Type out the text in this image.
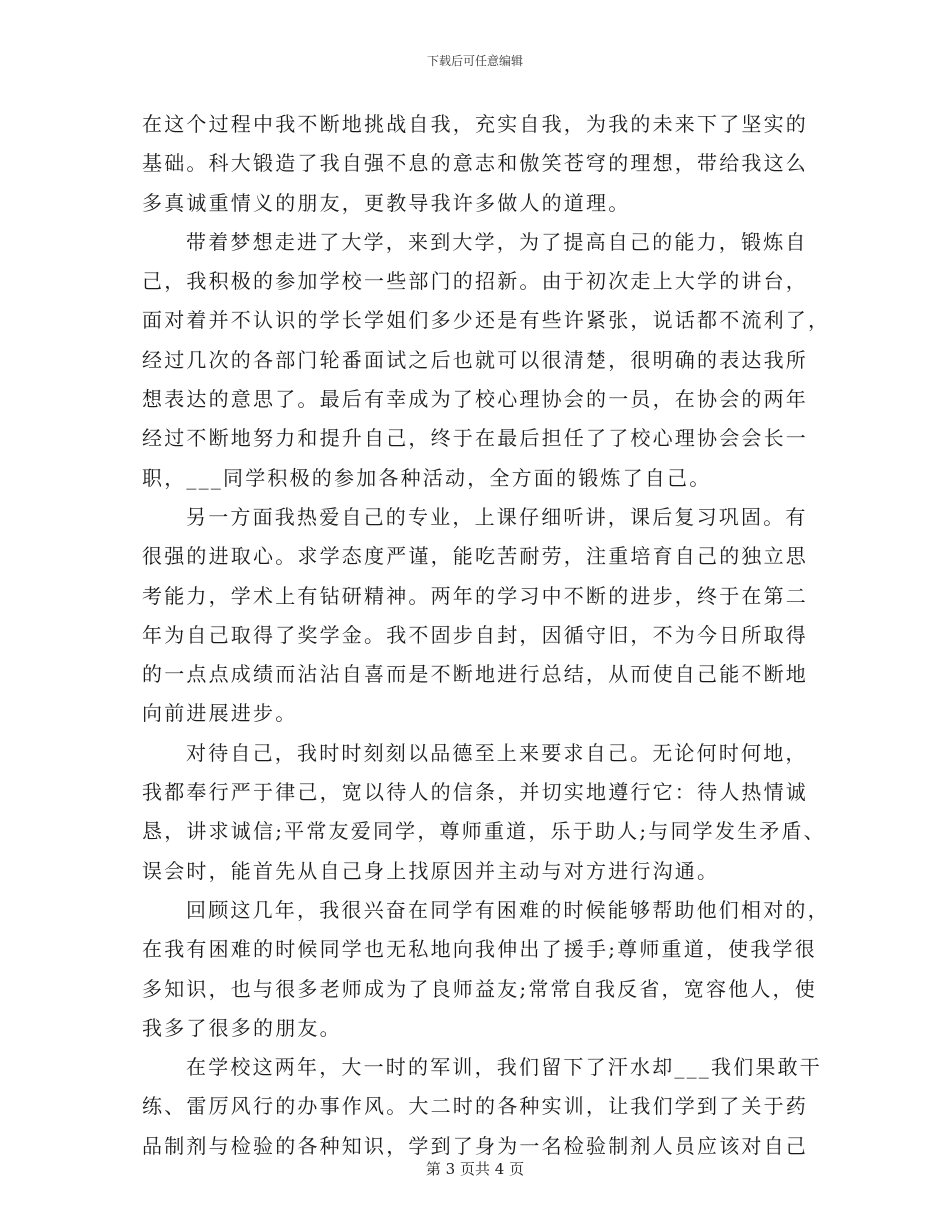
下载后可任意编辑
在这个过程中我不断地挑战自我，充实自我，为我的未来下了坚实的
基础。科大锻造了我自强不息的意志和傲笑苍穹的理想，带给我这么
多真诚重情义的朋友，更教导我许多做人的道理。
带着梦想走进了大学，来到大学，为了提高自己的能力，锻炼自
己，我积极的参加学校一些部门的招新。由于初次走上大学的讲台，
面对着并不认识的学长学姐们多少还是有些许紧张，说话都不流利了，
经过几次的各部门轮番面试之后也就可以很清楚，很明确的表达我所
想表达的意思了。最后有幸成为了校心理协会的一员，在协会的两年
经过不断地努力和提升自己，终于在最后担任了了校心理协会会长一
职，___同学积极的参加各种活动，全方面的锻炼了自己。
另一方面我热爱自己的专业，上课仔细听讲，课后复习巩固。有
很强的进取心。求学态度严谨，能吃苦耐劳，注重培育自己的独立思
考能力，学术上有钻研精神。两年的学习中不断的进步，终于在第二
年为自己取得了奖学金。我不固步自封，因循守旧，不为今日所取得
的一点点成绩而沾沾自喜而是不断地进行总结，从而使自己能不断地
向前进展进步。
对待自己，我时时刻刻以品德至上来要求自己。无论何时何地，
我都奉行严于律己，宽以待人的信条，并切实地遵行它：待人热情诚
恳，讲求诚信;平常友爱同学，尊师重道，乐于助人;与同学发生矛盾、
误会时，能首先从自己身上找原因并主动与对方进行沟通。
回顾这几年，我很兴奋在同学有困难的时候能够帮助他们相对的，
在我有困难的时候同学也无私地向我伸出了援手;尊师重道，使我学很
多知识，也与很多老师成为了良师益友;常常自我反省，宽容他人，使
我多了很多的朋友。
在学校这两年，大一时的军训，我们留下了汗水却___我们果敢干
练、雷厉风行的办事作风。大二时的各种实训，让我们学到了关于药
品制剂与检验的各种知识，学到了身为一名检验制剂人员应该对自己
第 3 页共 4 页
